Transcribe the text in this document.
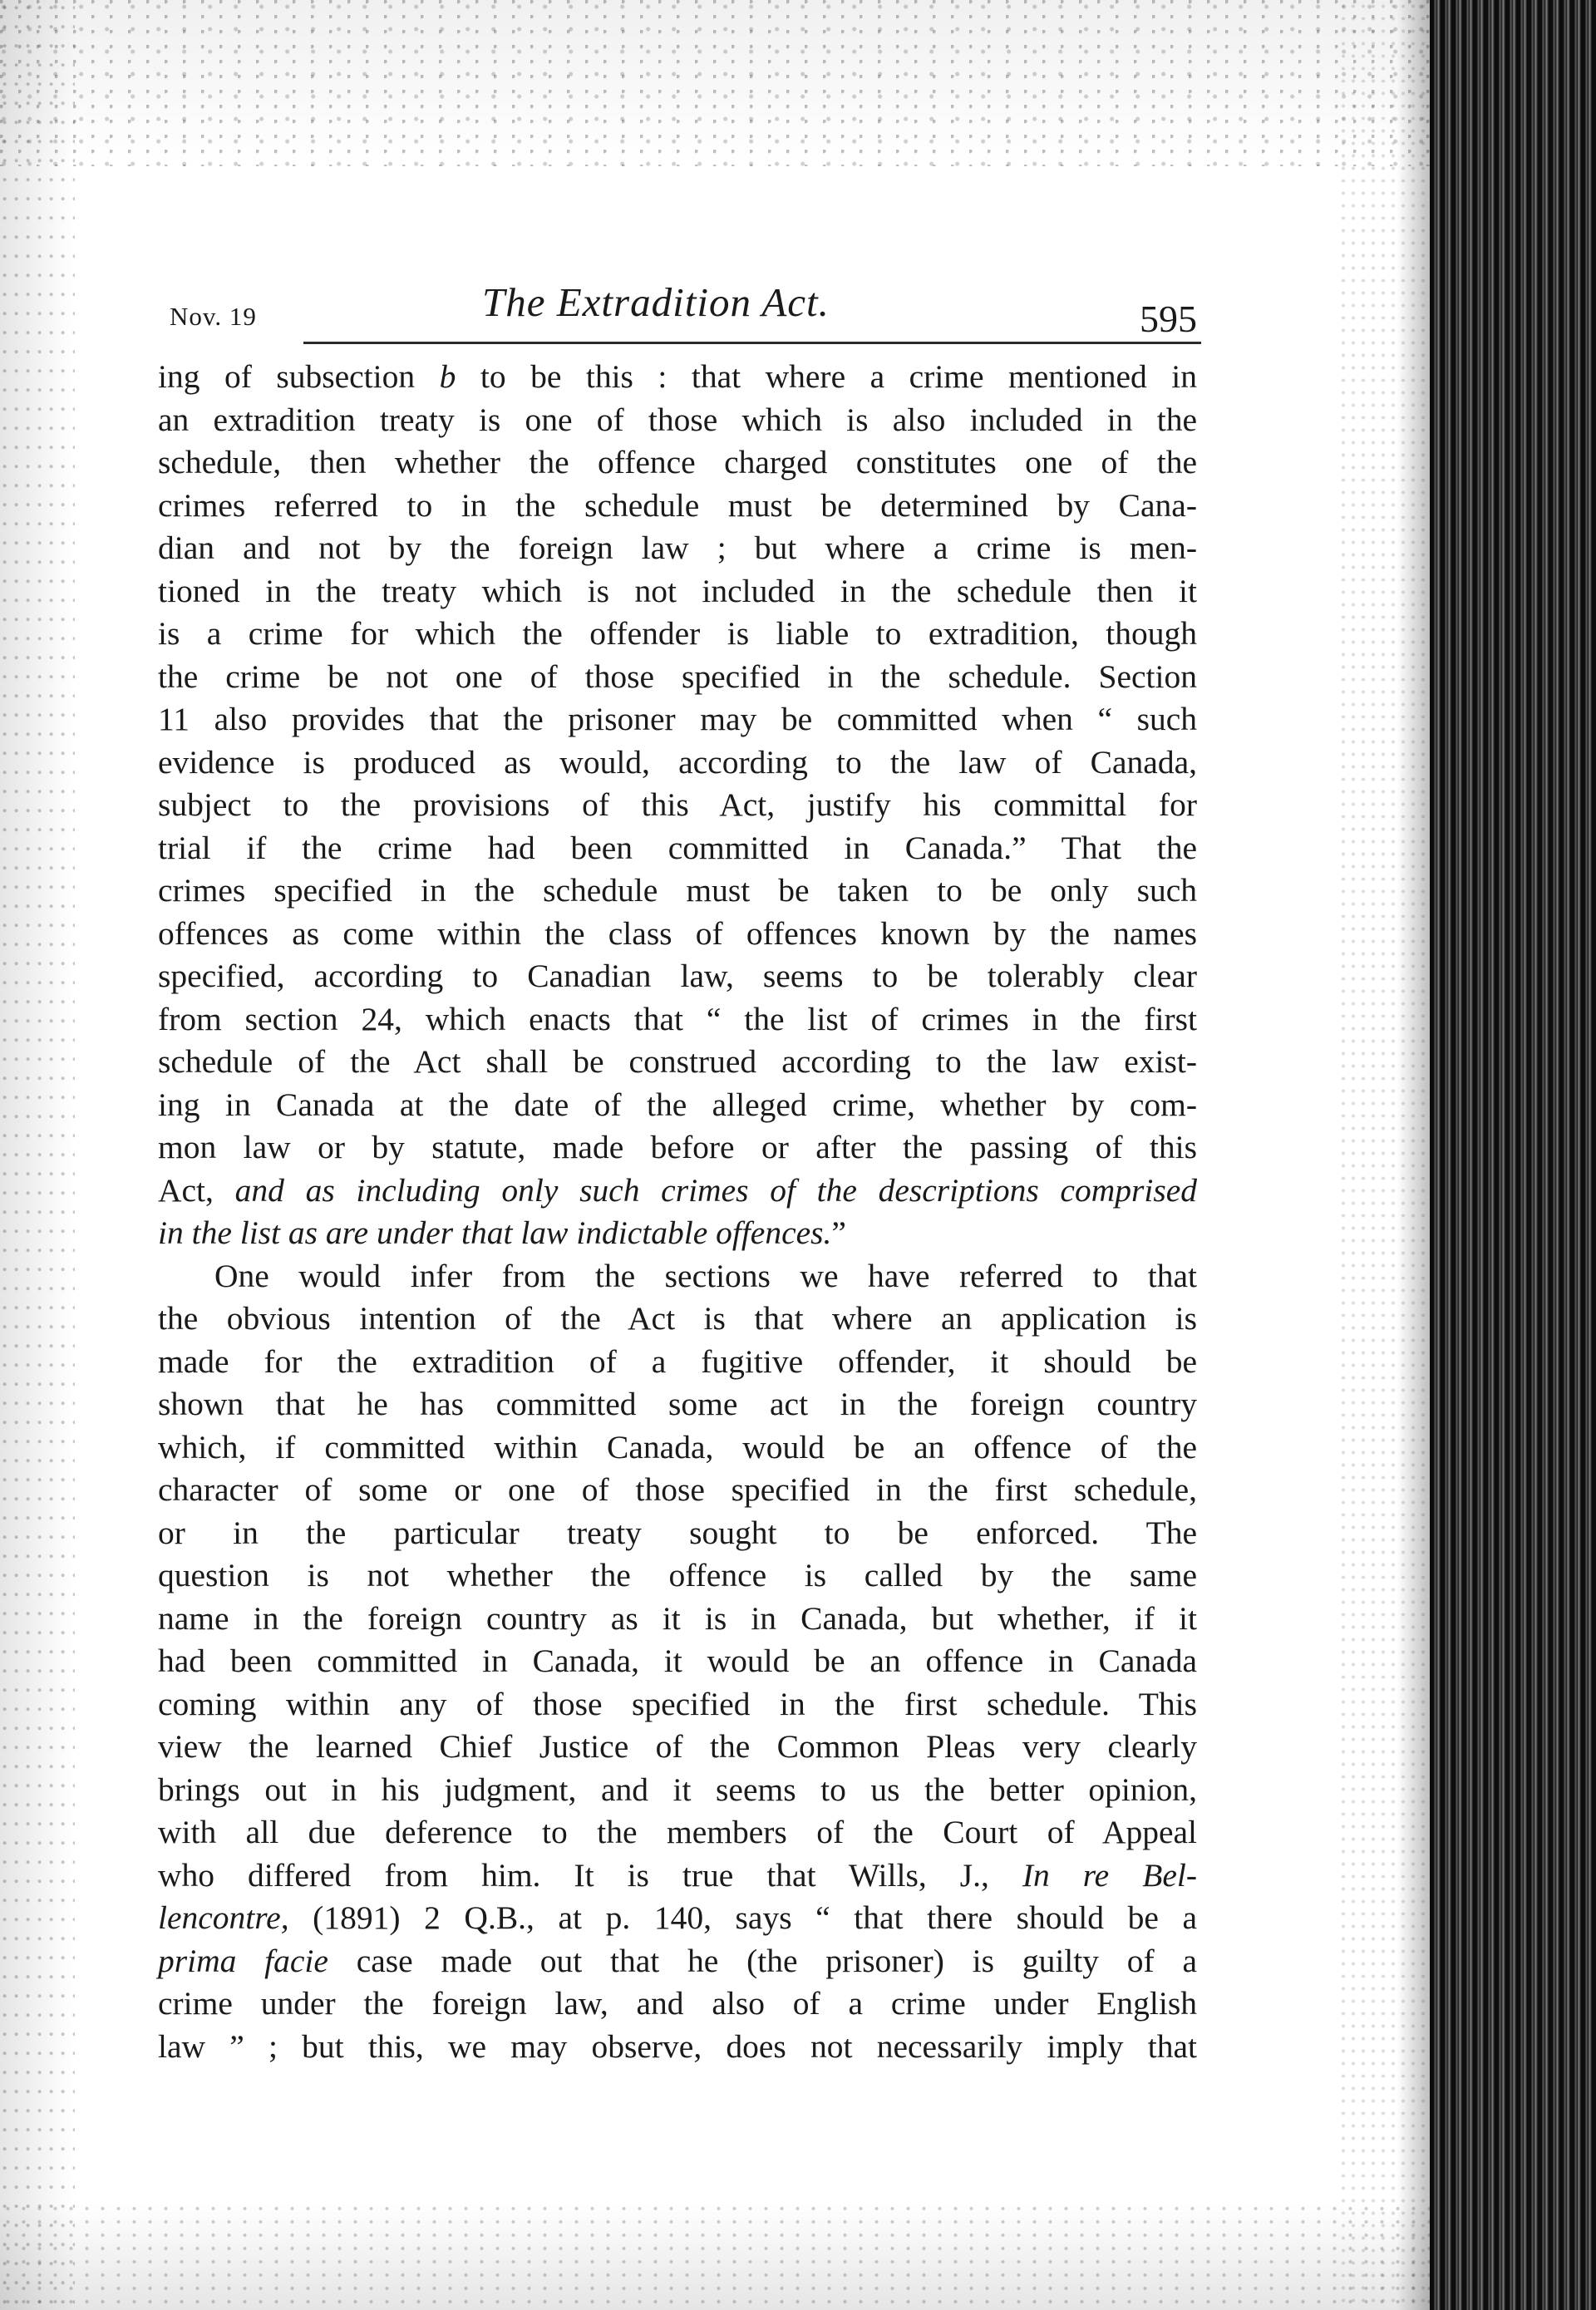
Nov. 19	The Extradition Act.	595
ing of subsection b to be this : that where a crime mentioned in
an extradition treaty is one of those which is also included in the
schedule, then whether the offence charged constitutes one of the
crimes referred to in the schedule must be determined by Cana-
dian and not by the foreign law ; but where a crime is men-
tioned in the treaty which is not included in the schedule then it
is a crime for which the offender is liable to extradition, though
the crime be not one of those specified in the schedule. Section
11 also provides that the prisoner may be committed when “ such
evidence is produced as would, according to the law of Canada,
subject to the provisions of this Act, justify his committal for
trial if the crime had been committed in Canada.” That the
crimes specified in the schedule must be taken to be only such
offences as come within the class of offences known by the names
specified, according to Canadian law, seems to be tolerably clear
from section 24, which enacts that “ the list of crimes in the first
schedule of the Act shall be construed according to the law exist-
ing in Canada at the date of the alleged crime, whether by com-
mon law or by statute, made before or after the passing of this
Act, and as including only such crimes of the descriptions comprised
in the list as are under that law indictable offences.”
One would infer from the sections we have referred to that
the obvious intention of the Act is that where an application is
made for the extradition of a fugitive offender, it should be
shown that he has committed some act in the foreign country
which, if committed within Canada, would be an offence of the
character of some or one of those specified in the first schedule,
or in the particular treaty sought to be enforced. The
question is not whether the offence is called by the same
name in the foreign country as it is in Canada, but whether, if it
had been committed in Canada, it would be an offence in Canada
coming within any of those specified in the first schedule. This
view the learned Chief Justice of the Common Pleas very clearly
brings out in his judgment, and it seems to us the better opinion,
with all due deference to the members of the Court of Appeal
who differed from him. It is true that Wills, J., In re Bel-
lencontre, (1891) 2 Q.B., at p. 140, says “ that there should be a
prima facie case made out that he (the prisoner) is guilty of a
crime under the foreign law, and also of a crime under English
law ” ; but this, we may observe, does not necessarily imply that
